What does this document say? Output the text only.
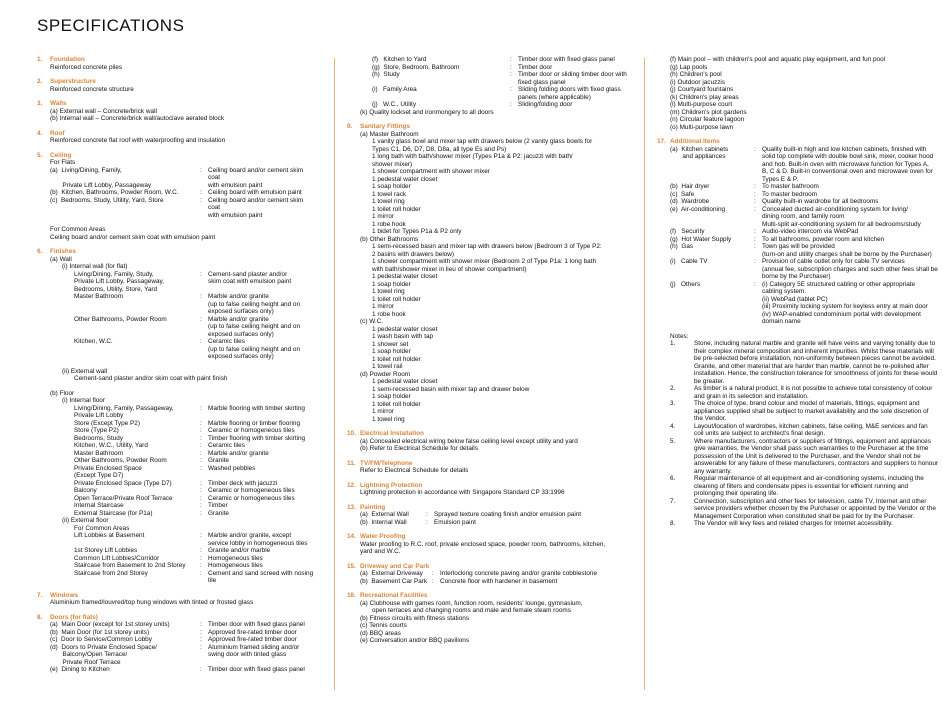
SPECIFICATIONS
1. Foundation
Reinforced concrete piles
2. Superstructure
Reinforced concrete structure
3. Walls
(a) External wall – Concrete/brick wall
(b) Internal wall – Concrete/brick wall/autoclave aerated block
4. Roof
Reinforced concrete flat roof with waterproofing and insulation
5. Ceiling
For Flats
(a)  Living/Dining, Family,	: Ceiling board and/or cement skim coat
Private Lift Lobby, Passageway	with emulsion paint
(b)  Kitchen, Bathrooms, Powder Room, W.C.	: Ceiling board with emulsion paint
(c)  Bedrooms, Study, Utility, Yard, Store	: Ceiling board and/or cement skim coat
with emulsion paint
For Common Areas
Ceiling board and/or cement skim coat with emulsion paint
6. Finishes
(a) Wall
(i) Internal wall (for flat)
Living/Dining, Family, Study,	: Cement-sand plaster and/or
Private Lift Lobby, Passageway,	skim coat with emulsion paint
Bedrooms, Utility, Store, Yard
Master Bathroom	: Marble and/or granite
(up to false ceiling height and on
exposed surfaces only)
Other Bathrooms, Powder Room	: Marble and/or granite
(up to false ceiling height and on
exposed surfaces only)
Kitchen, W.C.	: Ceramic tiles
(up to false ceiling height and on
exposed surfaces only)
(ii) External wall
Cement-sand plaster and/or skim coat with paint finish
(b) Floor
(i) Internal floor
Living/Dining, Family, Passageway,	: Marble flooring with timber skirting
Private Lift Lobby
Store (Except Type P2)	: Marble flooring or timber flooring
Store (Type P2)	: Ceramic or homogeneous tiles
Bedrooms, Study	: Timber flooring with timber skirting
Kitchen, W.C., Utility, Yard	: Ceramic tiles
Master Bathroom	: Marble and/or granite
Other Bathrooms, Powder Room	: Granite
Private Enclosed Space	: Washed pebbles
(Except Type D7)
Private Enclosed Space (Type D7)	: Timber deck with jacuzzi
Balcony	: Ceramic or homogeneous tiles
Open Terrace/Private Roof Terrace	: Ceramic or homogeneous tiles
Internal Staircase	: Timber
External Staircase (for P1a)	: Granite
(ii) External floor
For Common Areas
Lift Lobbies at Basement	: Marble and/or granite, except
service lobby in homogeneous tiles
1st Storey Lift Lobbies	: Granite and/or marble
Common Lift Lobbies/Corridor	: Homogeneous tiles
Staircase from Basement to 2nd Storey	: Homogeneous tiles
Staircase from 2nd Storey	: Cement and sand screed with nosing tile
7. Windows
Aluminium framed/louvred/top hung windows with tinted or frosted glass
8. Doors (for flats)
(a)  Main Door (except for 1st storey units)	: Timber door with fixed glass panel
(b)  Main Door (for 1st storey units)	: Approved fire-rated timber door
(c)  Door to Service/Common Lobby	: Approved fire-rated timber door
(d)  Doors to Private Enclosed Space/	: Aluminium framed sliding and/or
Balcony/Open Terrace/	swing door with tinted glass
Private Roof Terrace
(e)  Dining to Kitchen	: Timber door with fixed glass panel
(f)   Kitchen to Yard	: Timber door with fixed glass panel
(g)  Store, Bedroom, Bathroom	: Timber door
(h)  Study	: Timber door or sliding timber door with
fixed glass panel
(i)   Family Area	: Sliding folding doors with fixed glass
panels (where applicable)
(j)   W.C., Utility	: Sliding/folding door
(k) Quality lockset and ironmongery to all doors
9. Sanitary Fittings
(a) Master Bathroom
1 vanity glass bowl and mixer tap with drawers below (2 vanity glass bowls for
Types C1, D6, D7, D8, D8a, all type Es and Ps)
1 long bath with bath/shower mixer (Types P1a & P2: jacuzzi with bath/
shower mixer)
1 shower compartment with shower mixer
1 pedestal water closet
1 soap holder
1 towel rack
1 towel ring
1 toilet roll holder
1 mirror
1 robe hook
1 bidet for Types P1a & P2 only
(b) Other Bathrooms
1 semi-recessed basin and mixer tap with drawers below (Bedroom 3 of Type P2:
2 basins with drawers below)
1 shower compartment with shower mixer (Bedroom 2 of Type P1a: 1 long bath
with bath/shower mixer in lieu of shower compartment)
1 pedestal water closet
1 soap holder
1 towel ring
1 toilet roll holder
1 mirror
1 robe hook
(c) W.C.
1 pedestal water closet
1 wash basin with tap
1 shower set
1 soap holder
1 toilet roll holder
1 towel rail
(d) Powder Room
1 pedestal water closet
1 semi-recessed basin with mixer tap and drawer below
1 soap holder
1 toilet roll holder
1 mirror
1 towel ring
10. Electrical Installation
(a) Concealed electrical wiring below false ceiling level except utility and yard
(b) Refer to Electrical Schedule for details
11. TV/FM/Telephone
Refer to Electrical Schedule for details
12. Lightning Protection
Lightning protection in accordance with Singapore Standard CP 33:1996
13. Painting
(a)  External Wall	: Sprayed texture coating finish and/or emulsion paint
(b)  Internal Wall	: Emulsion paint
14. Water Proofing
Water proofing to R.C. roof, private enclosed space, powder room, bathrooms, kitchen,
yard and W.C.
15. Driveway and Car Park
(a)  External Driveway	: Interlocking concrete paving and/or granite cobblestone
(b)  Basement Car Park : Concrete floor with hardener in basement
16. Recreational Facilities
(a) Clubhouse with games room, function room, residents' lounge, gymnasium,
open terraces and changing rooms and male and female steam rooms
(b) Fitness circuits with fitness stations
(c) Tennis courts
(d) BBQ areas
(e) Conversation and/or BBQ pavilions
(f) Main pool – with children's pool and aquatic play equipment, and fun pool
(g) Lap pools
(h) Children's pool
(i) Outdoor jacuzzis
(j) Courtyard fountains
(k) Children's play areas
(l) Multi-purpose court
(m) Children's plot gardens
(n) Circular feature lagoon
(o) Multi-purpose lawn
17. Additional Items
(a)  Kitchen cabinets	: Quality built-in high and low kitchen cabinets, finished with
and appliances	solid top complete with double bowl sink, mixer, cooker hood
and hob. Built-in oven with microwave function for Types A,
B, C & D. Built-in conventional oven and microwave oven for
Types E & P.
(b)  Hair dryer	: To master bathroom
(c)  Safe	: To master bedroom
(d)  Wardrobe	: Quality built-in wardrobe for all bedrooms
(e)  Air-conditioning	: Concealed ducted air-conditioning system for living/
dining room, and family room
Multi-split air-conditioning system for all bedrooms/study
(f)   Security	: Audio-video intercom via WebPad
(g)  Hot Water Supply	: To all bathrooms, powder room and kitchen
(h)  Gas	: Town gas will be provided
(turn-on and utility charges shall be borne by the Purchaser)
(i)   Cable TV	: Provision of cable outlet only for cable TV services
(annual fee, subscription charges and such other fees shall be
borne by the Purchaser)
(j)   Others	: (i) Category 5E structured cabling or other appropriate
cabling system.
(ii) WebPad (tablet PC)
(iii) Proximity locking system for keyless entry at main door
(iv) WAP-enabled condominium portal with development
domain name
Notes:
1.	Stone, including natural marble and granite will have veins and varying tonality due to their complex mineral composition and inherent impurities. Whilst these materials will be pre-selected before installation, non-uniformity between pieces cannot be avoided. Granite, and other material that are harder than marble, cannot be re-polished after installation. Hence, the construction tolerance for smoothness of joints for these would be greater.
2.	As timber is a natural product, it is not possible to achieve total consistency of colour and grain in its selection and installation.
3.	The choice of type, brand colour and model of materials, fittings, equipment and appliances supplied shall be subject to market availability and the sole discretion of the Vendor.
4.	Layout/location of wardrobes, kitchen cabinets, false ceiling, M&E services and fan coil units are subject to architect's final design.
5.	Where manufacturers, contractors or suppliers of fittings, equipment and appliances give warranties, the Vendor shall pass such warranties to the Purchaser at the time possession of the Unit is delivered to the Purchaser, and the Vendor shall not be answerable for any failure of these manufacturers, contractors and suppliers to honour any warranty.
6.	Regular maintenance of all equipment and air-conditioning systems, including the cleaning of filters and condensate pipes is essential for efficient running and prolonging their operating life.
7.	Connection, subscription and other fees for television, cable TV, Internet and other service providers whether chosen by the Purchaser or appointed by the Vendor or the Management Corporation when constituted shall be paid for by the Purchaser.
8.	The Vendor will levy fees and related charges for Internet accessibility.
